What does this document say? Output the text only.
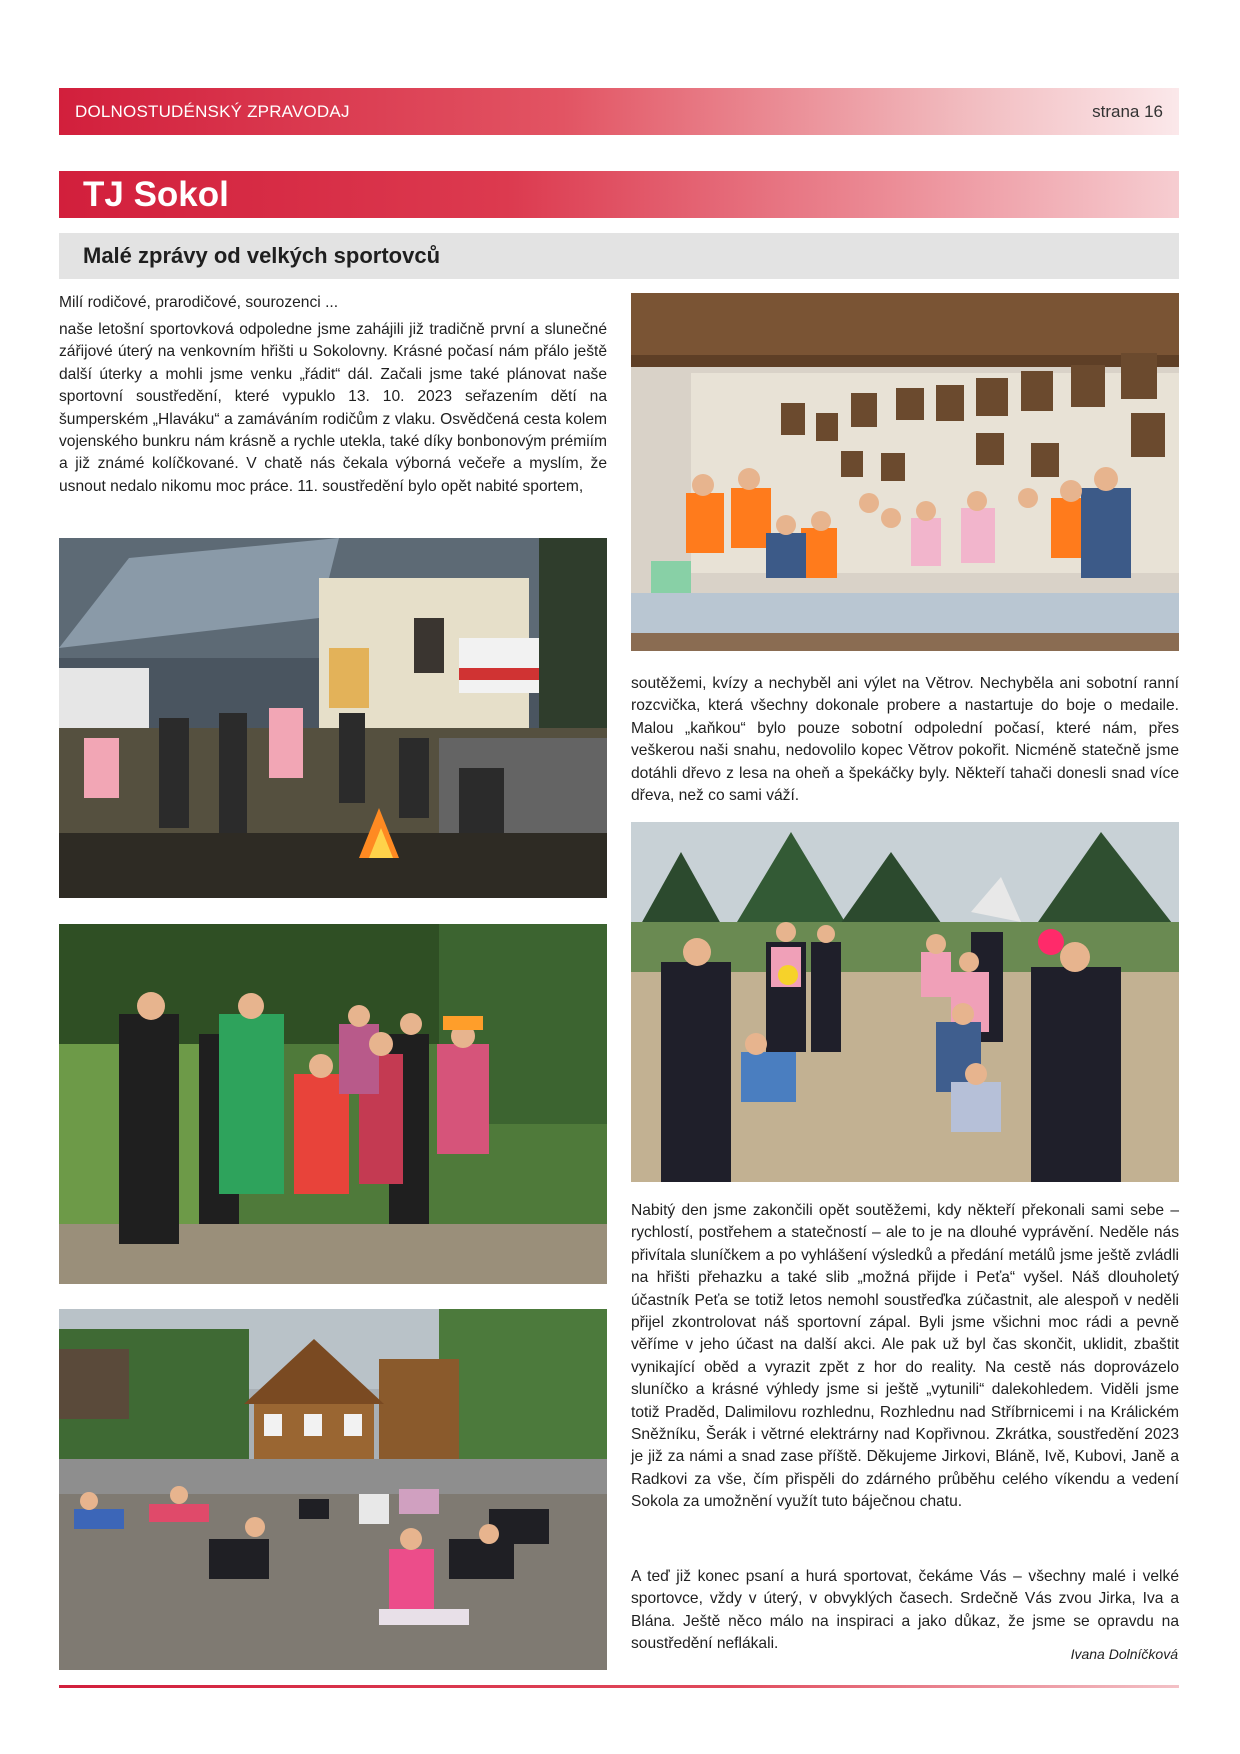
DOLNOSTUDÉNSKÝ ZPRAVODAJ	strana 16
TJ Sokol
Malé zprávy od velkých sportovců
Milí rodičové, prarodičové, sourozenci ...

naše letošní sportovková odpoledne jsme zahájili již tradičně první a slunečné zářijové úterý na venkovním hřišti u Sokolovny. Krásné počasí nám přálo ještě další úterky a mohli jsme venku „řádit“ dál. Začali jsme také plánovat naše sportovní soustředění, které vypuklo 13. 10. 2023 seřazením dětí na šumperském „Hlaváku“ a zamáváním rodičům z vlaku. Osvědčená cesta kolem vojenského bunkru nám krásně a rychle utekla, také díky bonbonovým prémiím a již známé kolíčkované. V chatě nás čekala výborná večeře a myslím, že usnout nedalo nikomu moc práce. 11. soustředění bylo opět nabité sportem,

soutěžemi, kvízy a nechyběl ani výlet na Větrov. Nechyběla ani sobotní ranní rozcvička, která všechny dokonale probere a nastartuje do boje o medaile. Malou „kaňkou“ bylo pouze sobotní odpolední počasí, které nám, přes veškerou naši snahu, nedovolilo kopec Větrov pokořit. Nicméně statečně jsme dotáhli dřevo z lesa na oheň a špekáčky byly. Někteří tahači donesli snad více dřeva, než co sami váží.

Nabitý den jsme zakončili opět soutěžemi, kdy někteří překonali sami sebe – rychlostí, postřehem a statečností – ale to je na dlouhé vyprávění. Neděle nás přivítala sluníčkem a po vyhlášení výsledků a předání metálů jsme ještě zvládli na hřišti přehazku a také slib „možná přijde i Peťa“ vyšel. Náš dlouholetý účastník Peťa se totiž letos nemohl soustřeďka zúčastnit, ale alespoň v neděli přijel zkontrolovat náš sportovní zápal. Byli jsme všichni moc rádi a pevně věříme v jeho účast na další akci. Ale pak už byl čas skončit, uklidit, zbaštit vynikající oběd a vyrazit zpět z hor do reality. Na cestě nás doprovázelo sluníčko a krásné výhledy jsme si ještě „vytunili“ dalekohledem. Viděli jsme totiž Praděd, Dalimilovu rozhlednu, Rozhlednu nad Stříbrnicemi i na Králickém Sněžníku, Šerák i větrné elektrárny nad Kopřivnou. Zkrátka, soustředění 2023 je již za námi a snad zase příště. Děkujeme Jirkovi, Bláně, Ivě, Kubovi, Janě a Radkovi za vše, čím přispěli do zdárného průběhu celého víkendu a vedení Sokola za umožnění využít tuto báječnou chatu.

A teď již konec psaní a hurá sportovat, čekáme Vás – všechny malé i velké sportovce, vždy v úterý, v obvyklých časech. Srdečně Vás zvou Jirka, Iva a Blána. Ještě něco málo na inspiraci a jako důkaz, že jsme se opravdu na soustředění neflákali.

Ivana Dolníčková
